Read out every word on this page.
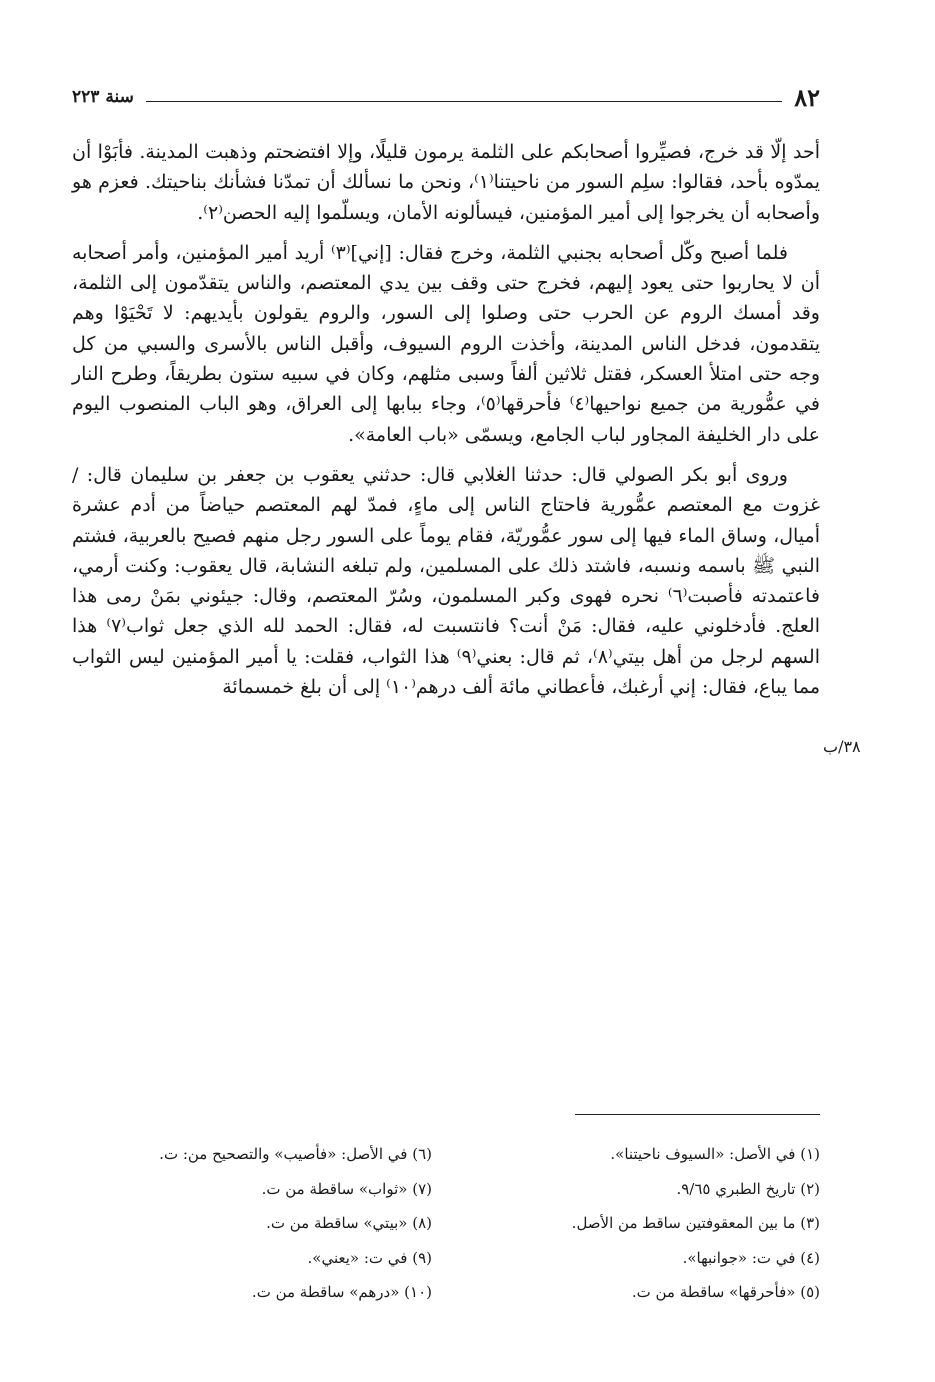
٨٢
سنة ٢٢٣

أحد إلّا قد خرج، فصيِّروا أصحابكم على الثلمة يرمون قليلًا، وإلا افتضحتم وذهبت المدينة. فأبَوْا أن يمدّوه بأحد، فقالوا: سلِم السور من ناحيتنا⁽١⁾، ونحن ما نسألك أن تمدّنا فشأنك بناحيتك. فعزم هو وأصحابه أن يخرجوا إلى أمير المؤمنين، فيسألونه الأمان، ويسلّموا إليه الحصن⁽٢⁾.

فلما أصبح وكّل أصحابه بجنبي الثلمة، وخرج فقال: [إني]⁽٣⁾ أريد أمير المؤمنين، وأمر أصحابه أن لا يحاربوا حتى يعود إليهم، فخرج حتى وقف بين يدي المعتصم، والناس يتقدّمون إلى الثلمة، وقد أمسك الروم عن الحرب حتى وصلوا إلى السور، والروم يقولون بأيديهم: لا تَحْيَوْا وهم يتقدمون، فدخل الناس المدينة، وأخذت الروم السيوف، وأقبل الناس بالأسرى والسبي من كل وجه حتى امتلأ العسكر، فقتل ثلاثين ألفاً وسبى مثلهم، وكان في سبيه ستون بطريقاً، وطرح النار في عمُّورية من جميع نواحيها⁽٤⁾ فأحرقها⁽٥⁾، وجاء ببابها إلى العراق، وهو الباب المنصوب اليوم على دار الخليفة المجاور لباب الجامع، ويسمّى «باب العامة».

وروى أبو بكر الصولي قال: حدثنا الغلابي قال: حدثني يعقوب بن جعفر بن سليمان قال: / غزوت مع المعتصم عمُّورية فاحتاج الناس إلى ماءٍ، فمدّ لهم المعتصم حياضاً من أدم عشرة أميال، وساق الماء فيها إلى سور عمُّوريّة، فقام يوماً على السور رجل منهم فصيح بالعربية، فشتم النبي ﷺ باسمه ونسبه، فاشتد ذلك على المسلمين، ولم تبلغه النشابة، قال يعقوب: وكنت أرمي، فاعتمدته فأصبت⁽٦⁾ نحره فهوى وكبر المسلمون، وسُرّ المعتصم، وقال: جيئوني بمَنْ رمى هذا العلج. فأدخلوني عليه، فقال: مَنْ أنت؟ فانتسبت له، فقال: الحمد لله الذي جعل ثواب⁽٧⁾ هذا السهم لرجل من أهل بيتي⁽٨⁾، ثم قال: بعني⁽٩⁾ هذا الثواب، فقلت: يا أمير المؤمنين ليس الثواب مما يباع، فقال: إني أرغبك، فأعطاني مائة ألف درهم⁽١٠⁾ إلى أن بلغ خمسمائة

٣٨/ب
(١) في الأصل: «السيوف ناحيتنا».
(٢) تاريخ الطبري ٩/٦٥.
(٣) ما بين المعقوفتين ساقط من الأصل.
(٤) في ت: «جوانبها».
(٥) «فأحرقها» ساقطة من ت.
(٦) في الأصل: «فأصيب» والتصحيح من: ت.
(٧) «ثواب» ساقطة من ت.
(٨) «بيتي» ساقطة من ت.
(٩) في ت: «يعني».
(١٠) «درهم» ساقطة من ت.
